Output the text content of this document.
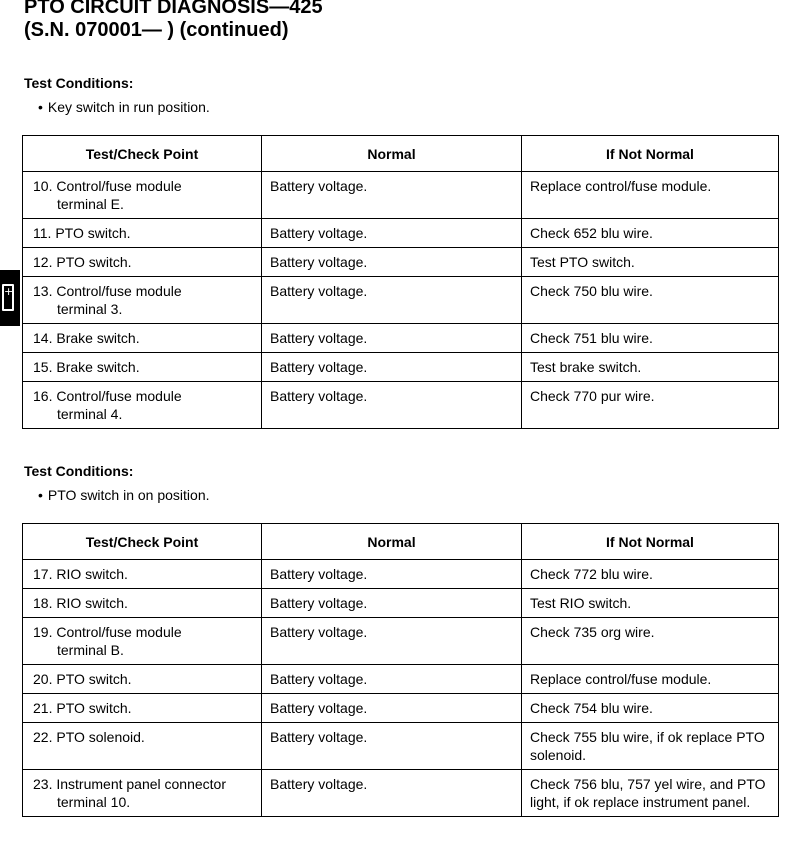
PTO CIRCUIT DIAGNOSIS—425
(S.N. 070001— ) (continued)
+
Test Conditions:
• Key switch in run position.
Test/Check Point	Normal	If Not Normal
10. Control/fuse module
terminal E.	Battery voltage.	Replace control/fuse module.
11. PTO switch.	Battery voltage.	Check 652 blu wire.
12. PTO switch.	Battery voltage.	Test PTO switch.
13. Control/fuse module
terminal 3.	Battery voltage.	Check 750 blu wire.
14. Brake switch.	Battery voltage.	Check 751 blu wire.
15. Brake switch.	Battery voltage.	Test brake switch.
16. Control/fuse module
terminal 4.	Battery voltage.	Check 770 pur wire.
Test Conditions:
• PTO switch in on position.
Test/Check Point	Normal	If Not Normal
17. RIO switch.	Battery voltage.	Check 772 blu wire.
18. RIO switch.	Battery voltage.	Test RIO switch.
19. Control/fuse module
terminal B.	Battery voltage.	Check 735 org wire.
20. PTO switch.	Battery voltage.	Replace control/fuse module.
21. PTO switch.	Battery voltage.	Check 754 blu wire.
22. PTO solenoid.	Battery voltage.	Check 755 blu wire, if ok replace PTO solenoid.
23. Instrument panel connector
terminal 10.	Battery voltage.	Check 756 blu, 757 yel wire, and PTO light, if ok replace instrument panel.
